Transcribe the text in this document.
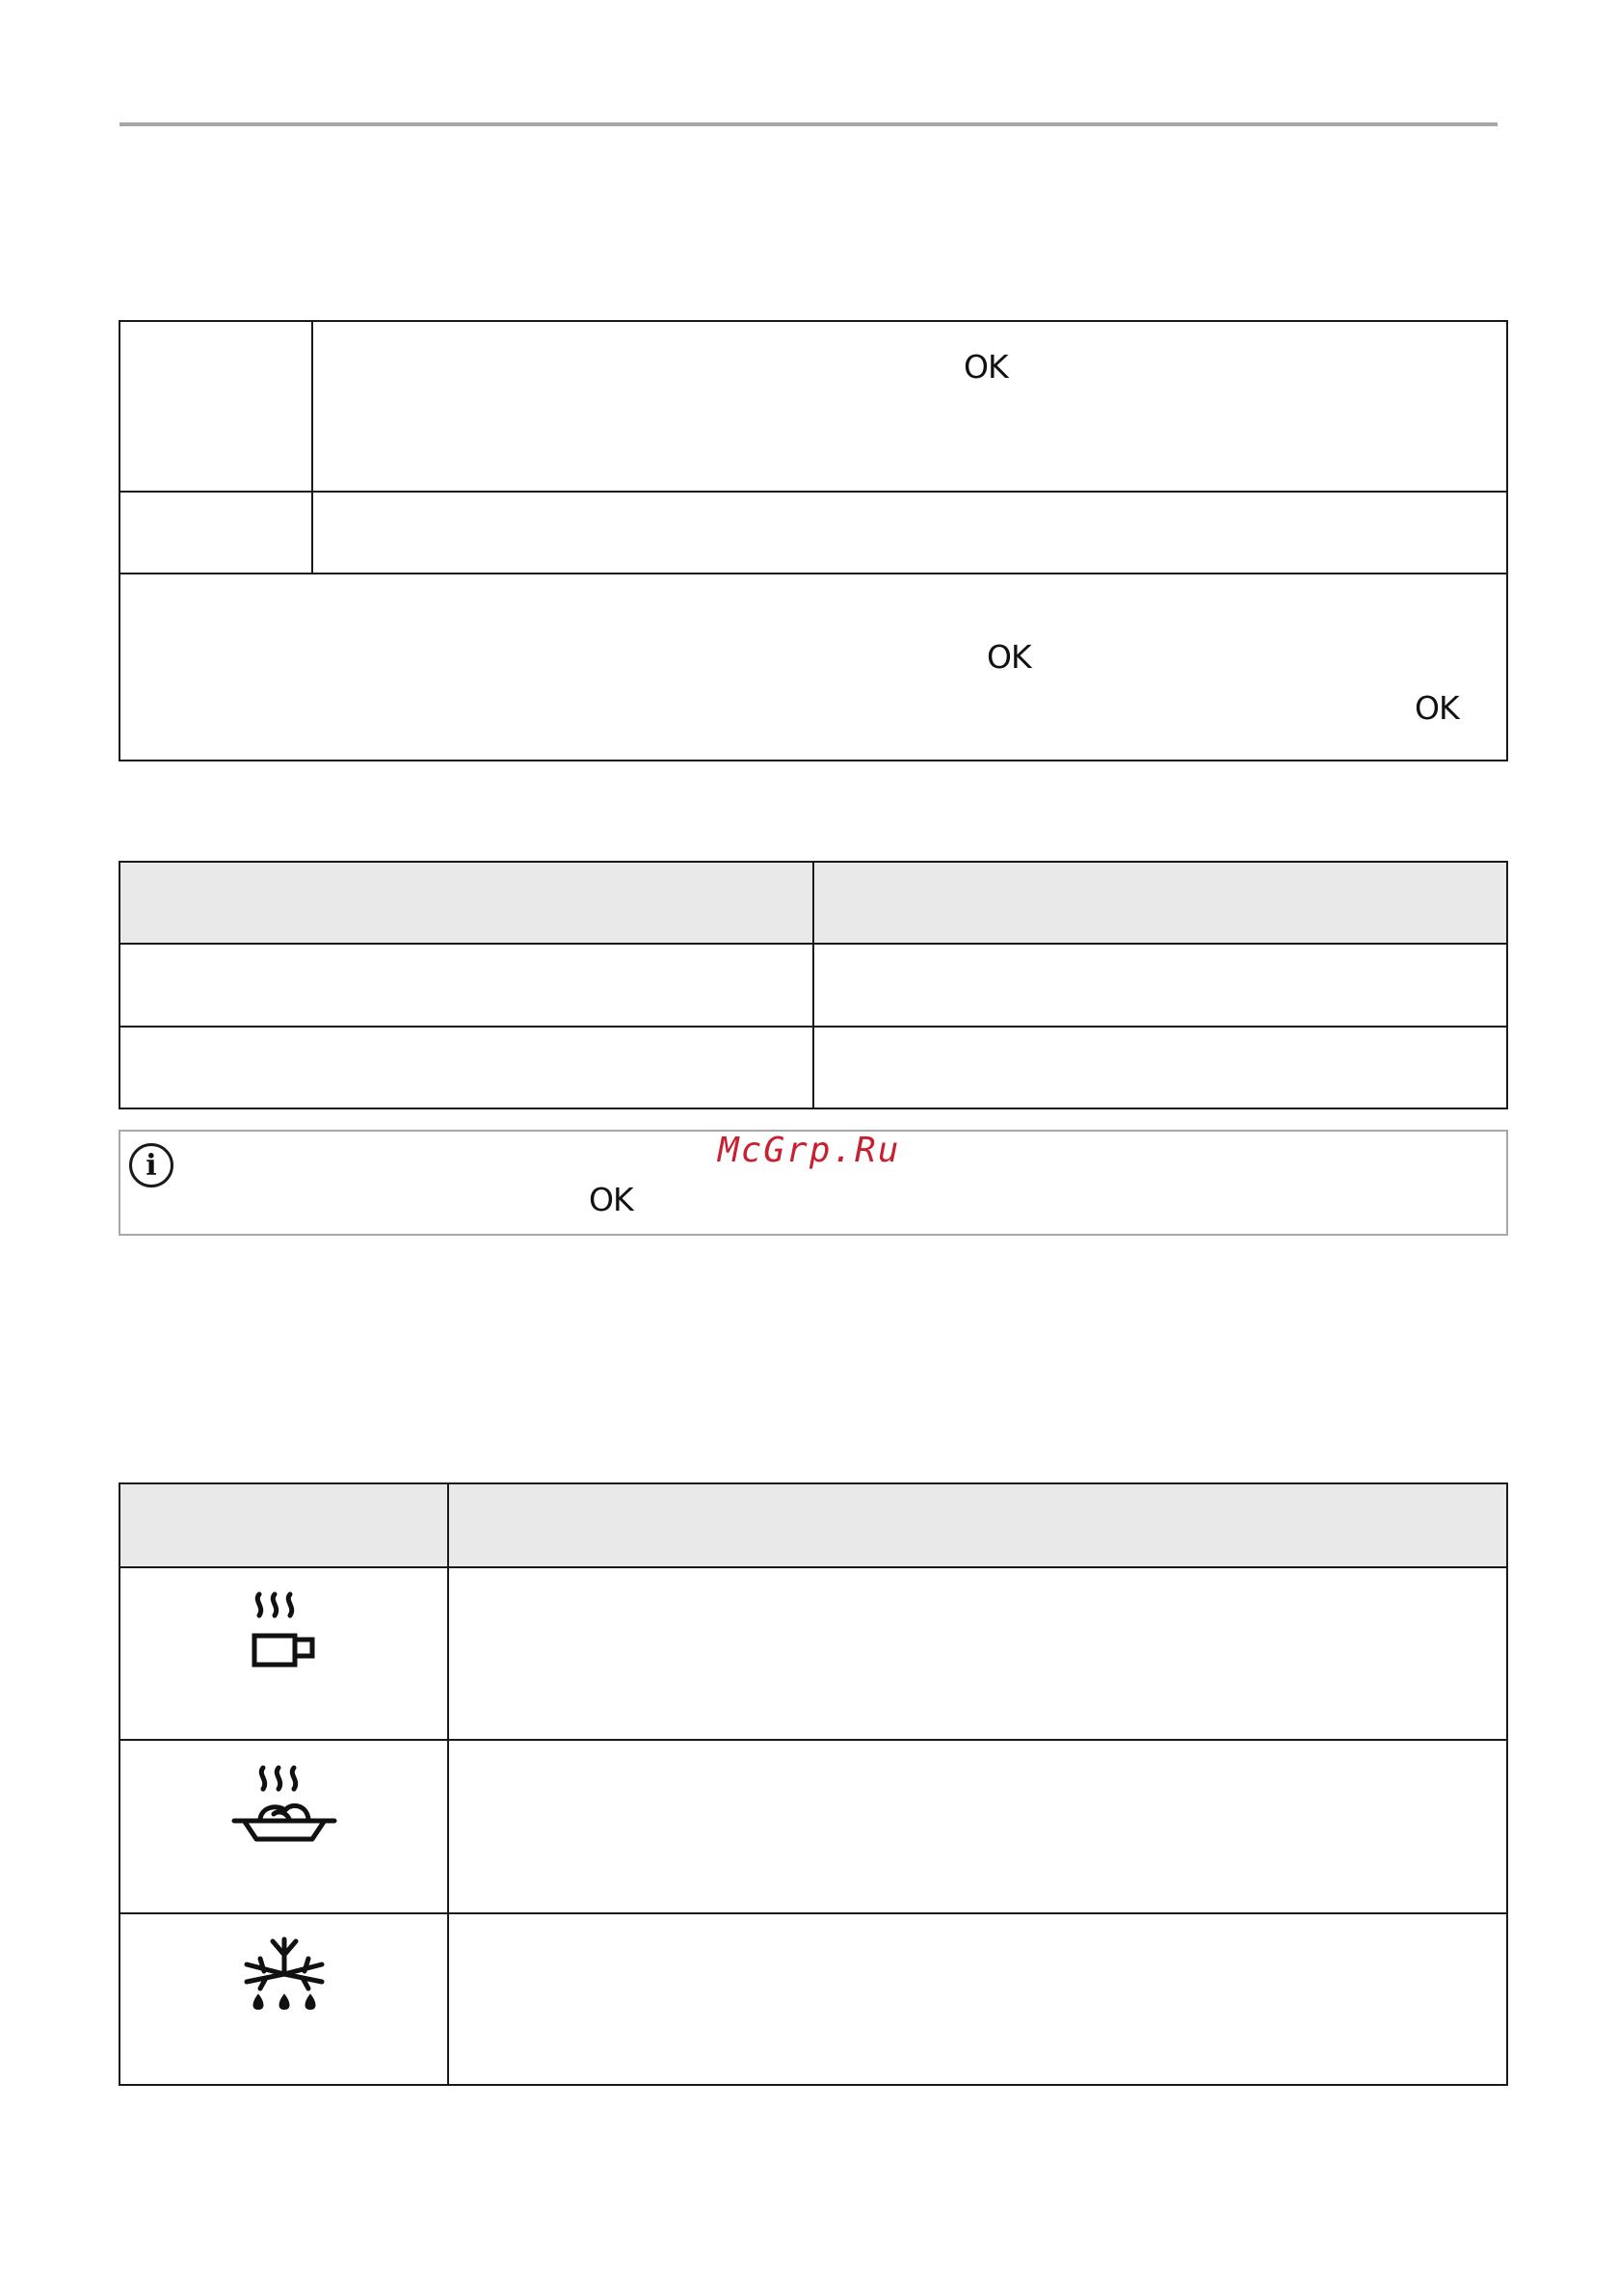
OK
OK
OK
i	McGrp.Ru
OK
